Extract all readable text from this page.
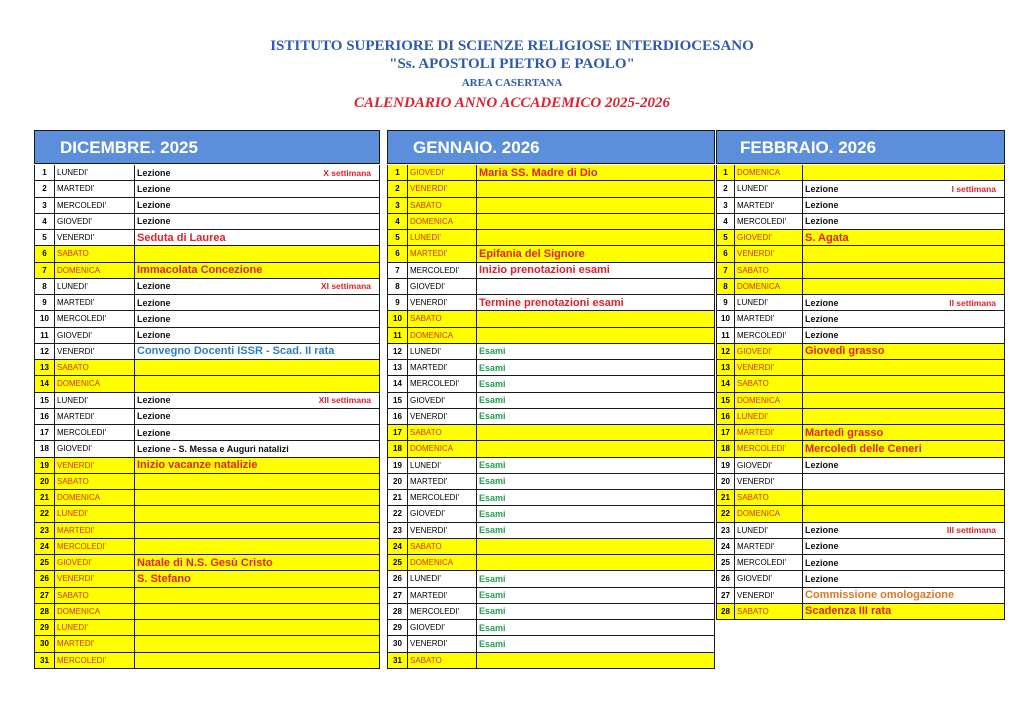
ISTITUTO SUPERIORE DI SCIENZE RELIGIOSE INTERDIOCESANO
"Ss. APOSTOLI PIETRO E PAOLO"
AREA CASERTANA
CALENDARIO ANNO ACCADEMICO 2025-2026
DICEMBRE. 2025
1	LUNEDI'	Lezione	X settimana
2	MARTEDI'	Lezione
3	MERCOLEDI'	Lezione
4	GIOVEDI'	Lezione
5	VENERDI'	Seduta di Laurea
6	SABATO
7	DOMENICA	Immacolata Concezione
8	LUNEDI'	Lezione	XI settimana
9	MARTEDI'	Lezione
10	MERCOLEDI'	Lezione
11	GIOVEDI'	Lezione
12	VENERDI'	Convegno Docenti ISSR - Scad. II rata
13	SABATO
14	DOMENICA
15	LUNEDI'	Lezione	XII settimana
16	MARTEDI'	Lezione
17	MERCOLEDI'	Lezione
18	GIOVEDI'	Lezione - S. Messa e Auguri natalizi
19	VENERDI'	Inizio vacanze natalizie
20	SABATO
21	DOMENICA
22	LUNEDI'
23	MARTEDI'
24	MERCOLEDI'
25	GIOVEDI'	Natale di N.S. Gesù Cristo
26	VENERDI'	S. Stefano
27	SABATO
28	DOMENICA
29	LUNEDI'
30	MARTEDI'
31	MERCOLEDI'
GENNAIO. 2026
1	GIOVEDI'	Maria SS. Madre di Dio
2	VENERDI'
3	SABATO
4	DOMENICA
5	LUNEDI'
6	MARTEDI'	Epifania del Signore
7	MERCOLEDI'	Inizio prenotazioni esami
8	GIOVEDI'
9	VENERDI'	Termine prenotazioni esami
10	SABATO
11	DOMENICA
12	LUNEDI'	Esami
13	MARTEDI'	Esami
14	MERCOLEDI'	Esami
15	GIOVEDI'	Esami
16	VENERDI'	Esami
17	SABATO
18	DOMENICA
19	LUNEDI'	Esami
20	MARTEDI'	Esami
21	MERCOLEDI'	Esami
22	GIOVEDI'	Esami
23	VENERDI'	Esami
24	SABATO
25	DOMENICA
26	LUNEDI'	Esami
27	MARTEDI'	Esami
28	MERCOLEDI'	Esami
29	GIOVEDI'	Esami
30	VENERDI'	Esami
31	SABATO
FEBBRAIO. 2026
1	DOMENICA
2	LUNEDI'	Lezione	I settimana
3	MARTEDI'	Lezione
4	MERCOLEDI'	Lezione
5	GIOVEDI'	S. Agata
6	VENERDI'
7	SABATO
8	DOMENICA
9	LUNEDI'	Lezione	II settimana
10 MARTEDI'	Lezione
11 MERCOLEDI'	Lezione
12 GIOVEDI'	Giovedì grasso
13 VENERDI'
14 SABATO
15 DOMENICA
16 LUNEDI'
17 MARTEDI'	Martedì grasso
18 MERCOLEDI'	Mercoledì delle Ceneri
19 GIOVEDI'	Lezione
20 VENERDI'
21 SABATO
22 DOMENICA
23 LUNEDI'	Lezione	III settimana
24 MARTEDI'	Lezione
25 MERCOLEDI'	Lezione
26 GIOVEDI'	Lezione
27 VENERDI'	Commissione omologazione
28 SABATO	Scadenza III rata
